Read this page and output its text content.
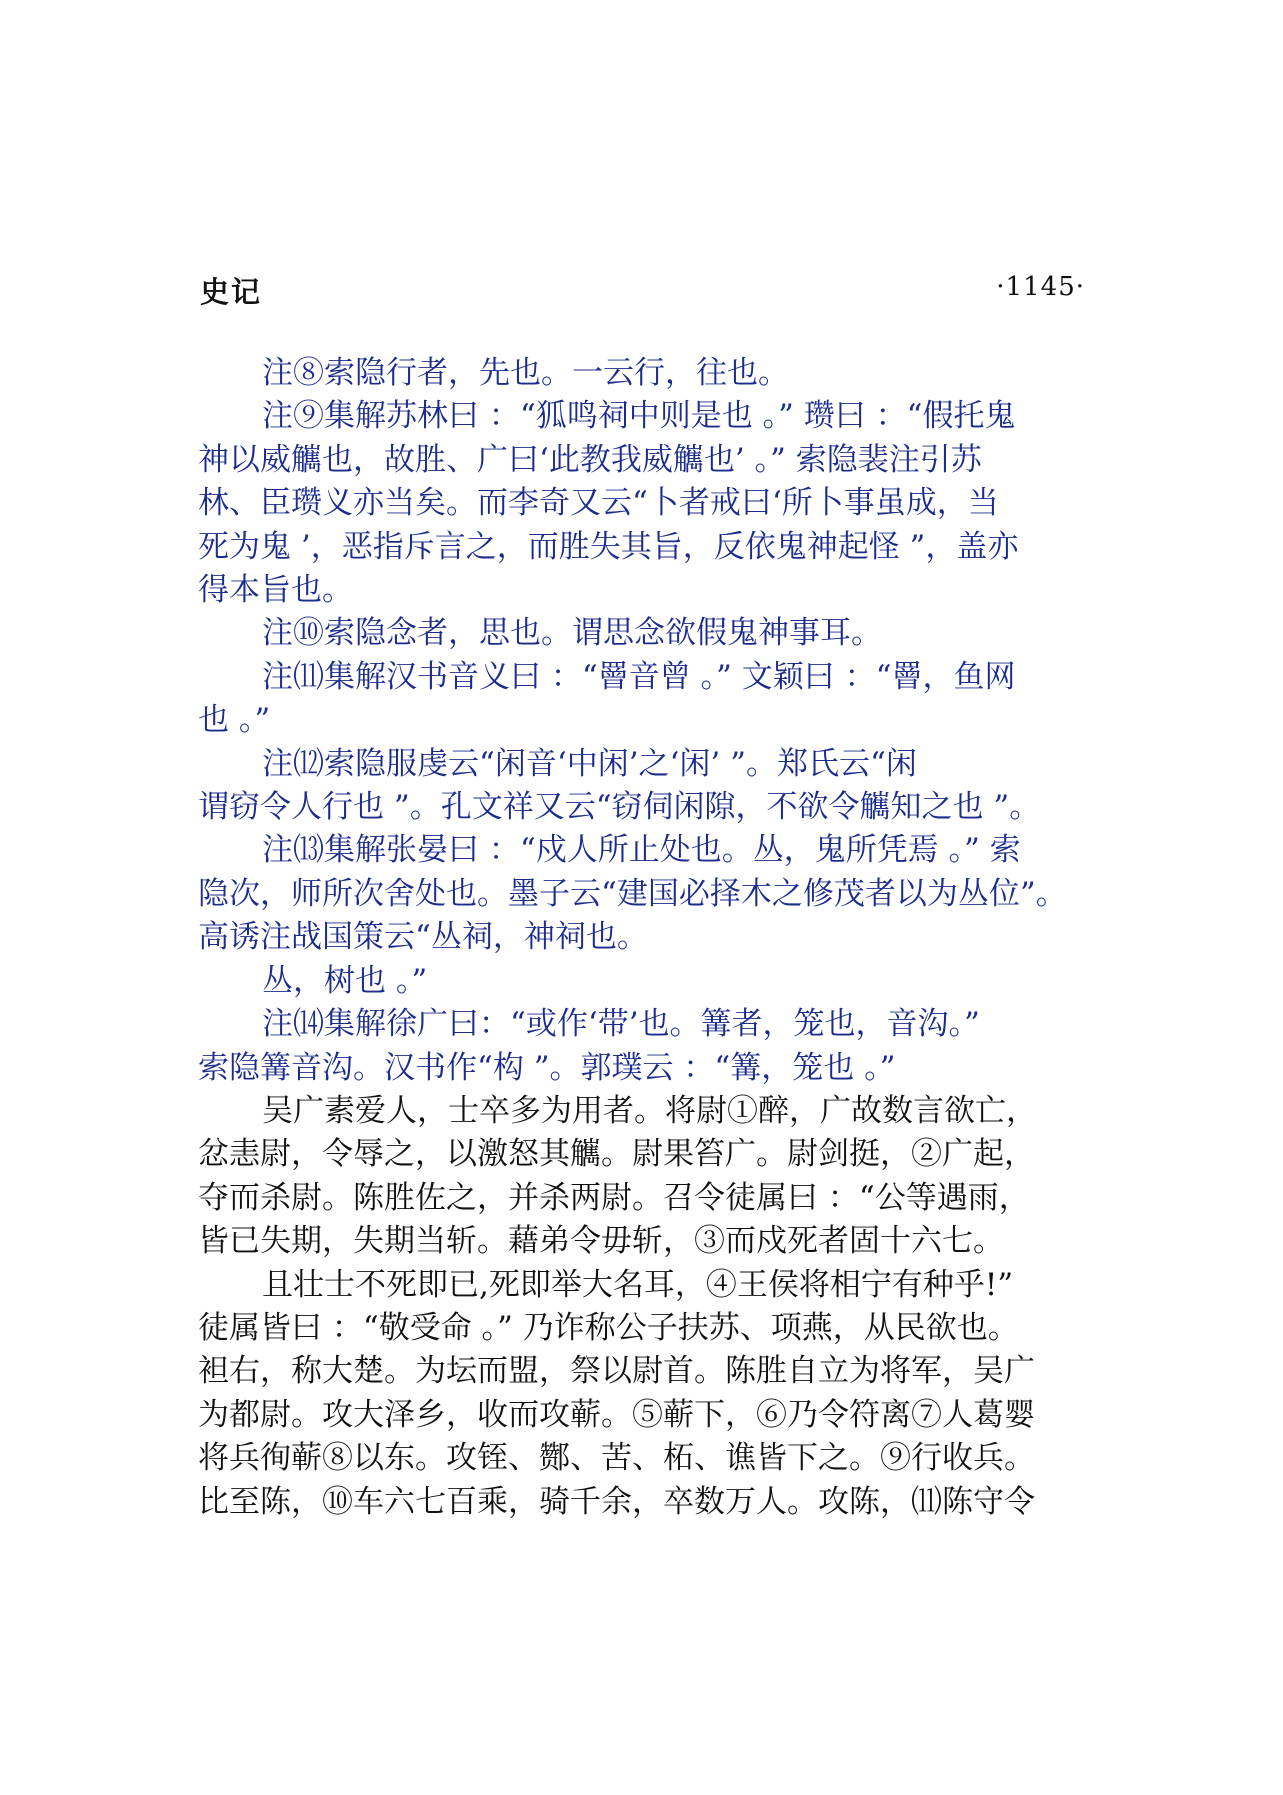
史记	·1145·

注⑧索隐行者，先也。一云行，往也。

注⑨集解苏林曰 ：“狐鸣祠中则是也 。” 瓒曰 ：“假托鬼
神以威觽也，故胜、广曰‘此教我威觽也’ 。” 索隐裴注引苏
林、臣瓒义亦当矣。而李奇又云“卜者戒曰‘所卜事虽成，当
死为鬼 ’，恶指斥言之，而胜失其旨，反依鬼神起怪 ”，盖亦
得本旨也。

注⑩索隐念者，思也。谓思念欲假鬼神事耳。

注⑾集解汉书音义曰 ：“罾音曾 。” 文颖曰 ：“罾，鱼网
也 。”

注⑿索隐服虔云“闲音‘中闲’之‘闲’ ”。郑氏云“闲
谓窃令人行也 ”。孔文祥又云“窃伺闲隙，不欲令觽知之也 ”。

注⒀集解张晏曰 ：“戍人所止处也。丛，鬼所凭焉 。” 索
隐次，师所次舍处也。墨子云“建国必择木之修茂者以为丛位”。
高诱注战国策云“丛祠，神祠也。

丛，树也 。”

注⒁集解徐广曰：“或作‘带’也。篝者，笼也，音沟。”
索隐篝音沟。汉书作“构 ”。郭璞云 ：“篝，笼也 。”

吴广素爱人，士卒多为用者。将尉①醉，广故数言欲亡，
忿恚尉，令辱之，以激怒其觽。尉果笞广。尉剑挺，②广起，
夺而杀尉。陈胜佐之，并杀两尉。召令徒属曰 ：“公等遇雨，
皆已失期，失期当斩。藉弟令毋斩，③而戍死者固十六七。

且壮士不死即已,死即举大名耳，④王侯将相宁有种乎!”
徒属皆曰 ：“敬受命 。” 乃诈称公子扶苏、项燕，从民欲也。
袒右，称大楚。为坛而盟，祭以尉首。陈胜自立为将军，吴广
为都尉。攻大泽乡，收而攻蕲。⑤蕲下，⑥乃令符离⑦人葛婴
将兵徇蕲⑧以东。攻铚、酂、苦、柘、谯皆下之。⑨行收兵。
比至陈，⑩车六七百乘，骑千余，卒数万人。攻陈，⑾陈守令
